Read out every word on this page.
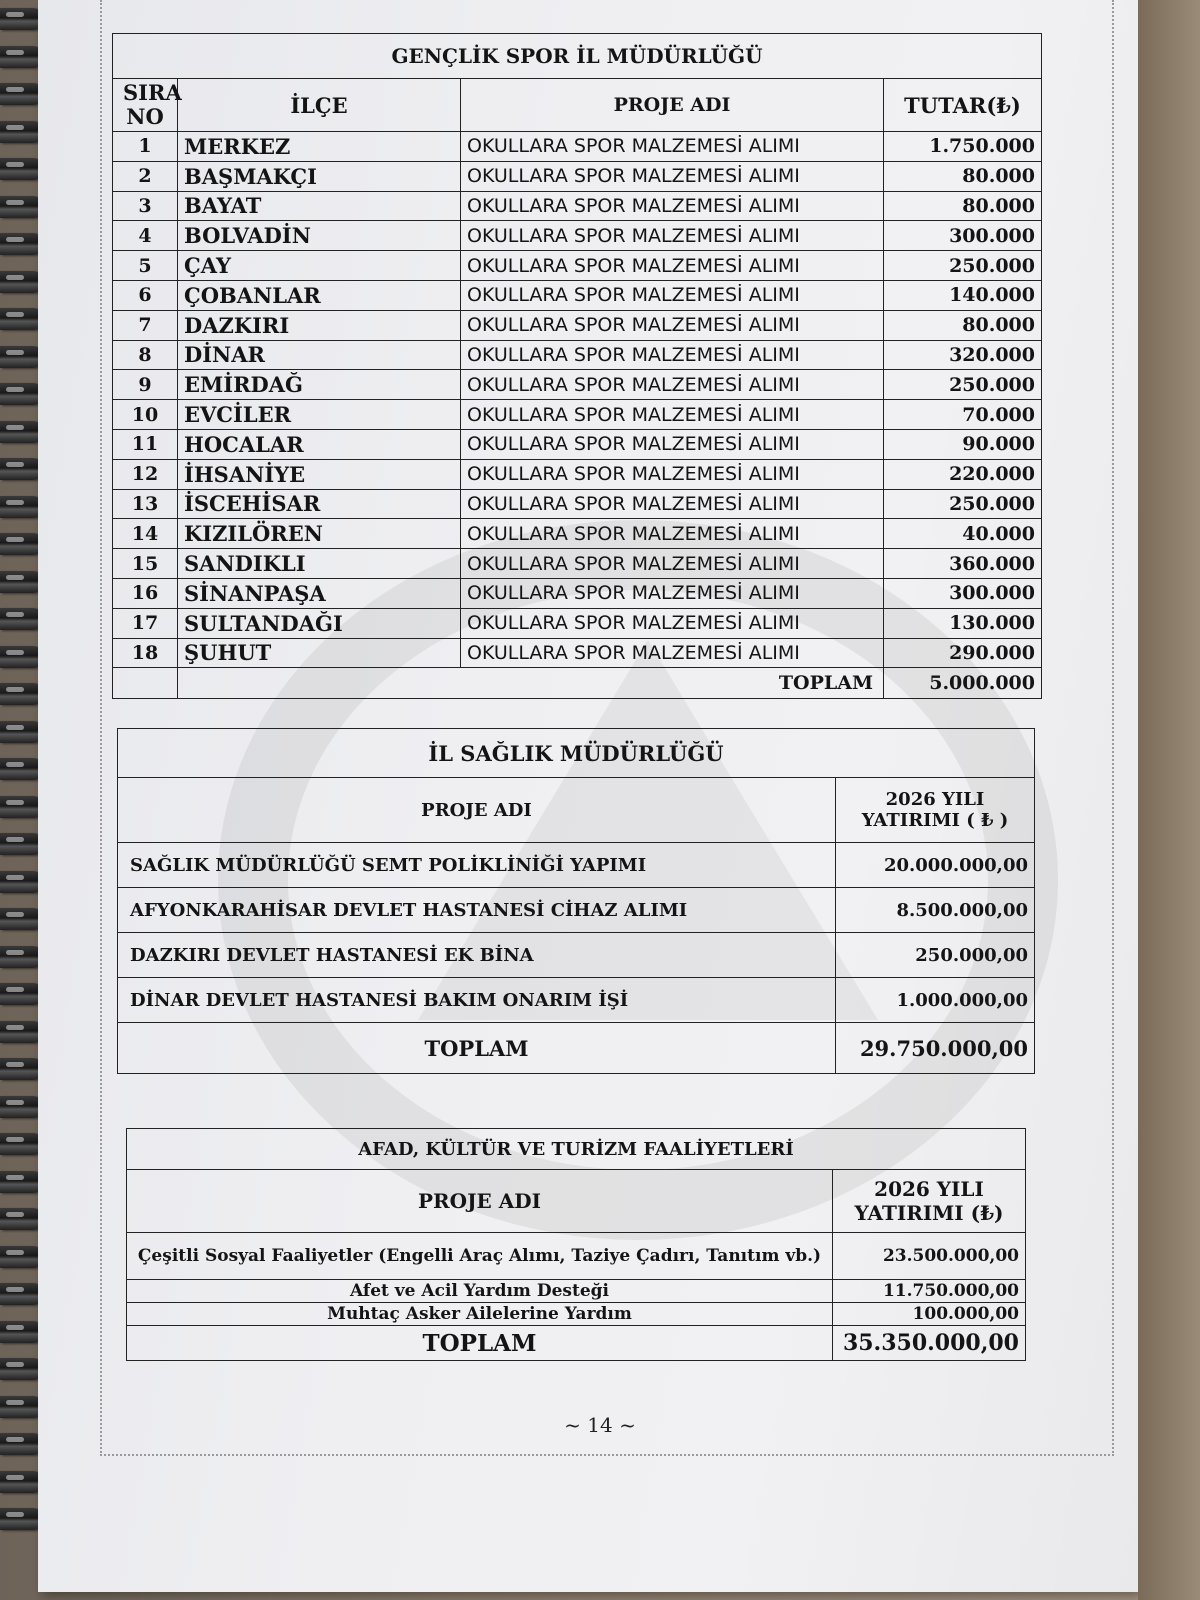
GENÇLİK SPOR İL MÜDÜRLÜĞÜ			
SIRA NO	İLÇE	PROJE ADI	TUTAR(₺)
1	MERKEZ	OKULLARA SPOR MALZEMESİ ALIMI	1.750.000
2	BAŞMAKÇI	OKULLARA SPOR MALZEMESİ ALIMI	80.000
3	BAYAT	OKULLARA SPOR MALZEMESİ ALIMI	80.000
4	BOLVADİN	OKULLARA SPOR MALZEMESİ ALIMI	300.000
5	ÇAY	OKULLARA SPOR MALZEMESİ ALIMI	250.000
6	ÇOBANLAR	OKULLARA SPOR MALZEMESİ ALIMI	140.000
7	DAZKIRI	OKULLARA SPOR MALZEMESİ ALIMI	80.000
8	DİNAR	OKULLARA SPOR MALZEMESİ ALIMI	320.000
9	EMİRDAĞ	OKULLARA SPOR MALZEMESİ ALIMI	250.000
10	EVCİLER	OKULLARA SPOR MALZEMESİ ALIMI	70.000
11	HOCALAR	OKULLARA SPOR MALZEMESİ ALIMI	90.000
12	İHSANİYE	OKULLARA SPOR MALZEMESİ ALIMI	220.000
13	İSCEHİSAR	OKULLARA SPOR MALZEMESİ ALIMI	250.000
14	KIZILÖREN	OKULLARA SPOR MALZEMESİ ALIMI	40.000
15	SANDIKLI	OKULLARA SPOR MALZEMESİ ALIMI	360.000
16	SİNANPAŞA	OKULLARA SPOR MALZEMESİ ALIMI	300.000
17	SULTANDAĞI	OKULLARA SPOR MALZEMESİ ALIMI	130.000
18	ŞUHUT	OKULLARA SPOR MALZEMESİ ALIMI	290.000
	TOPLAM		5.000.000
İL SAĞLIK MÜDÜRLÜĞÜ	
PROJE ADI	2026 YILI
YATIRIMI ( ₺ )

SAĞLIK MÜDÜRLÜĞÜ SEMT POLİKLİNİĞİ YAPIMI	20.000.000,00
AFYONKARAHİSAR DEVLET HASTANESİ CİHAZ ALIMI	8.500.000,00
DAZKIRI DEVLET HASTANESİ EK BİNA	250.000,00
DİNAR DEVLET HASTANESİ BAKIM ONARIM İŞİ	1.000.000,00
TOPLAM	29.750.000,00
AFAD, KÜLTÜR VE TURİZM FAALİYETLERİ	
PROJE ADI	2026 YILI
YATIRIMI (₺)

Çeşitli Sosyal Faaliyetler (Engelli Araç Alımı, Taziye Çadırı, Tanıtım vb.)	23.500.000,00
Afet ve Acil Yardım Desteği	11.750.000,00
Muhtaç Asker Ailelerine Yardım	100.000,00
TOPLAM	35.350.000,00
~ 14 ~
